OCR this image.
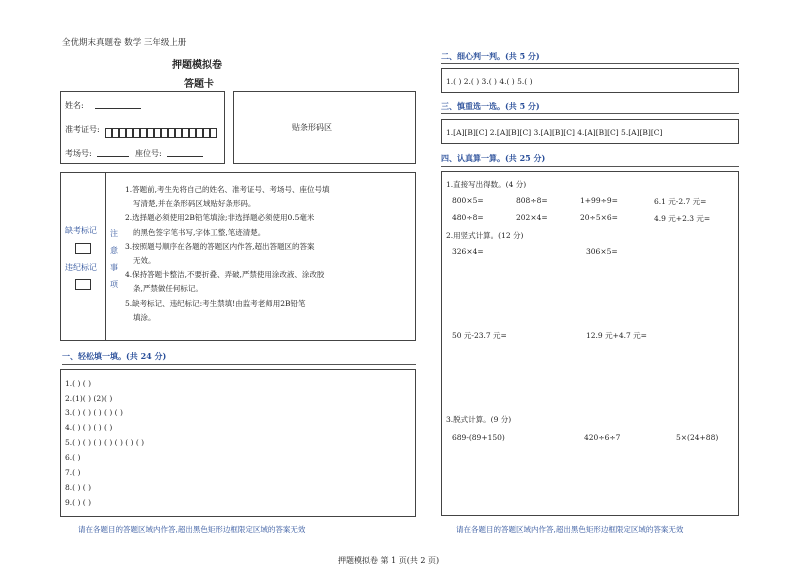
全优期末真题卷 数学 三年级上册
押题模拟卷
答题卡
姓名:
准考证号:
考场号:	座位号:
贴条形码区
缺考标记
违纪标记
注
意
事
项
1.答题前,考生先将自己的姓名、准考证号、考场号、座位号填
写清楚,并在条形码区域贴好条形码。
2.选择题必须使用2B铅笔填涂;非选择题必须使用0.5毫米
的黑色签字笔书写,字体工整,笔迹清楚。
3.按照题号顺序在各题的答题区内作答,超出答题区的答案
无效。
4.保持答题卡整洁,不要折叠、弄破,严禁使用涂改液、涂改胶
条,严禁做任何标记。
5.缺考标记、违纪标记:考生禁填!由监考老师用2B铅笔
填涂。
一、轻松填一填。(共 24 分)
1.( ) ( )
2.(1)( ) (2)( )
3.( ) ( ) ( ) ( ) ( )
4.( ) ( ) ( ) ( )
5.( ) ( ) ( ) ( ) ( ) ( ) ( )
6.( )
7.( )
8.( ) ( )
9.( ) ( )
请在各题目的答题区域内作答,超出黑色矩形边框限定区域的答案无效
二、细心判一判。(共 5 分)
1.( ) 2.( ) 3.( ) 4.( ) 5.( )
三、慎重选一选。(共 5 分)
1.[A][B][C] 2.[A][B][C] 3.[A][B][C] 4.[A][B][C] 5.[A][B][C]
四、认真算一算。(共 25 分)
1.直接写出得数。(4 分)
800×5=	808÷8=	1+99÷9=	6.1 元-2.7 元=
480÷8=	202×4=	20÷5×6=	4.9 元+2.3 元=
2.用竖式计算。(12 分)
326×4=	306×5=
50 元-23.7 元=	12.9 元+4.7 元=
3.脱式计算。(9 分)
689-(89+150)	420÷6÷7	5×(24+88)
请在各题目的答题区域内作答,超出黑色矩形边框限定区域的答案无效
押题模拟卷 第 1 页(共 2 页)
